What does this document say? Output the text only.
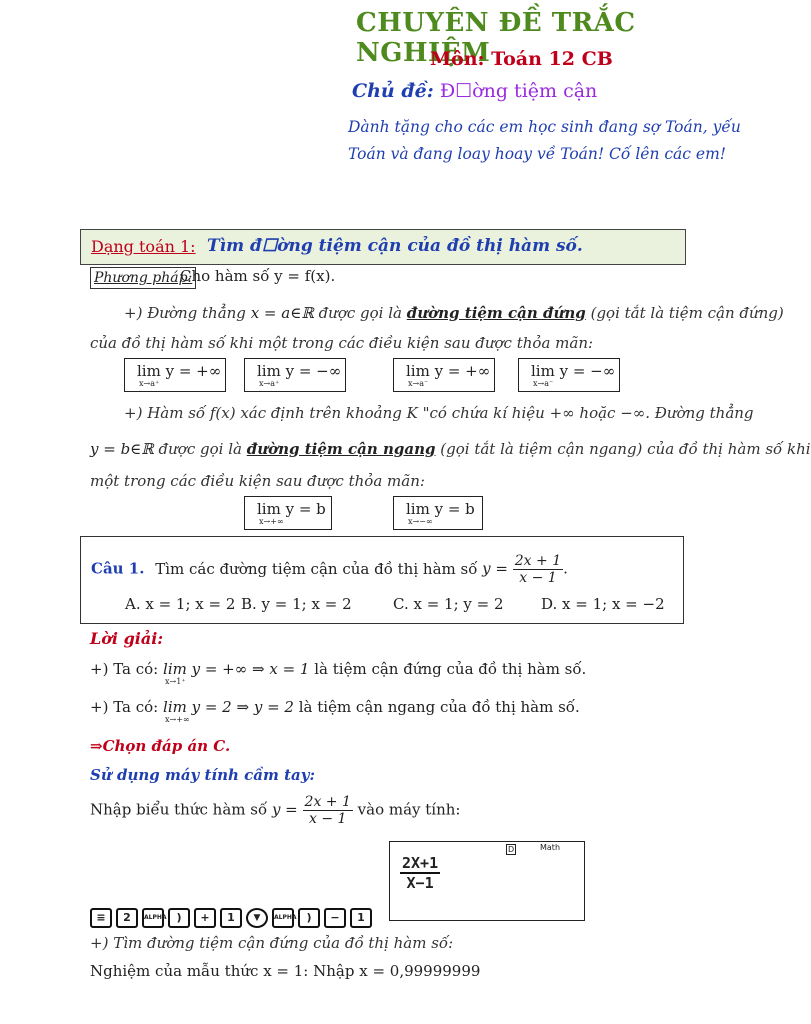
CHUYÊN ĐỀ TRẮC NGHIỆM
Môn: Toán 12 CB
Chủ đề: Đ☐ờng tiệm cận
Dành tặng cho các em học sinh đang sợ Toán, yếu
Toán và đang loay hoay về Toán! Cố lên các em!
Dạng toán 1: Tìm đ☐ờng tiệm cận của đồ thị hàm số.
Phương pháp:
Cho hàm số y = f(x).
+) Đường thẳng x = a∈ℝ được gọi là đường tiệm cận đứng (gọi tắt là tiệm cận đứng)
của đồ thị hàm số khi một trong các điều kiện sau được thỏa mãn:
lim y = +∞
x→a⁺
lim y = −∞
x→a⁺
lim y = +∞
x→a⁻
lim y = −∞
x→a⁻
+) Hàm số f(x) xác định trên khoảng K "có chứa kí hiệu +∞ hoặc −∞. Đường thẳng
y = b∈ℝ được gọi là đường tiệm cận ngang (gọi tắt là tiệm cận ngang) của đồ thị hàm số khi
một trong các điều kiện sau được thỏa mãn:
lim y = b
x→+∞
lim y = b
x→−∞
Câu 1. Tìm các đường tiệm cận của đồ thị hàm số $y = \frac{2x + 1}{x - 1}$ .
A. x = 1; x = 2 B. y = 1; x = 2	C. x = 1; y = 2 D. x = 1; x = −2
Lời giải:
+) Ta có: lim y = +∞ ⇒ x = 1
x→1⁺
là tiệm cận đứng của đồ thị hàm số.
+) Ta có: lim y = 2 ⇒ y = 2
x→+∞
là tiệm cận ngang của đồ thị hàm số.
⇒Chọn đáp án C.
Sử dụng máy tính cầm tay:
Nhập biểu thức hàm số $y = \frac{2x + 1}{x - 1}$ vào máy tính:
D	Math
$\frac{2X+1}{X-1}$
≡ 2 ALPHA ) + 1 ▼ ALPHA ) − 1
+) Tìm đường tiệm cận đứng của đồ thị hàm số:
Nghiệm của mẫu thức x = 1: Nhập x = 0,99999999
